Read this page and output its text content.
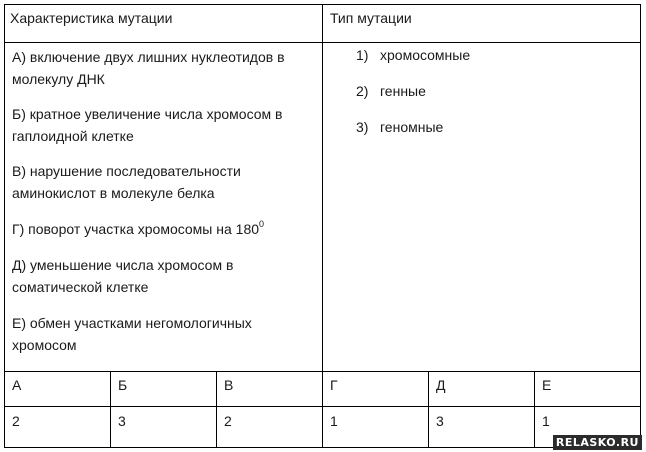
Характеристика мутации	Тип мутации
А) включение двух лишних нуклеотидов в молекулу ДНК
Б) кратное увеличение числа хромосом в гаплоидной клетке
В) нарушение последовательности аминокислот в молекуле белка
Г) поворот участка хромосомы на $180^0$
Д) уменьшение числа хромосом в соматической клетке
Е) обмен участками негомологичных хромосом
1) хромосомные
2) генные
3) геномные
А	Б	В	Г	Д	Е
2	3	2	1	3	1
RELASKO.RU
